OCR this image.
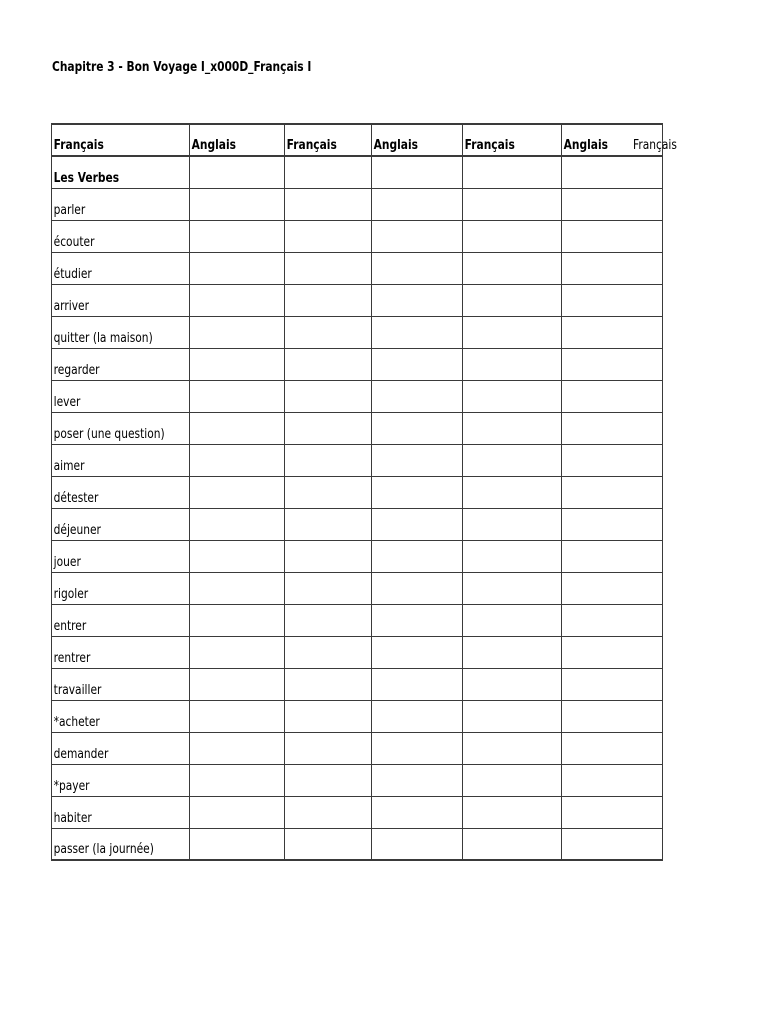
Chapitre 3 - Bon Voyage I_x000D_Français I
Français	Anglais	Français	Anglais	Français	Anglais
Les Verbes					
parler					
écouter					
étudier					
arriver					
quitter (la maison)					
regarder					
lever					
poser (une question)					
aimer					
détester					
déjeuner					
jouer					
rigoler					
entrer					
rentrer					
travailler					
*acheter					
demander					
*payer					
habiter					
passer (la journée)					
Français
